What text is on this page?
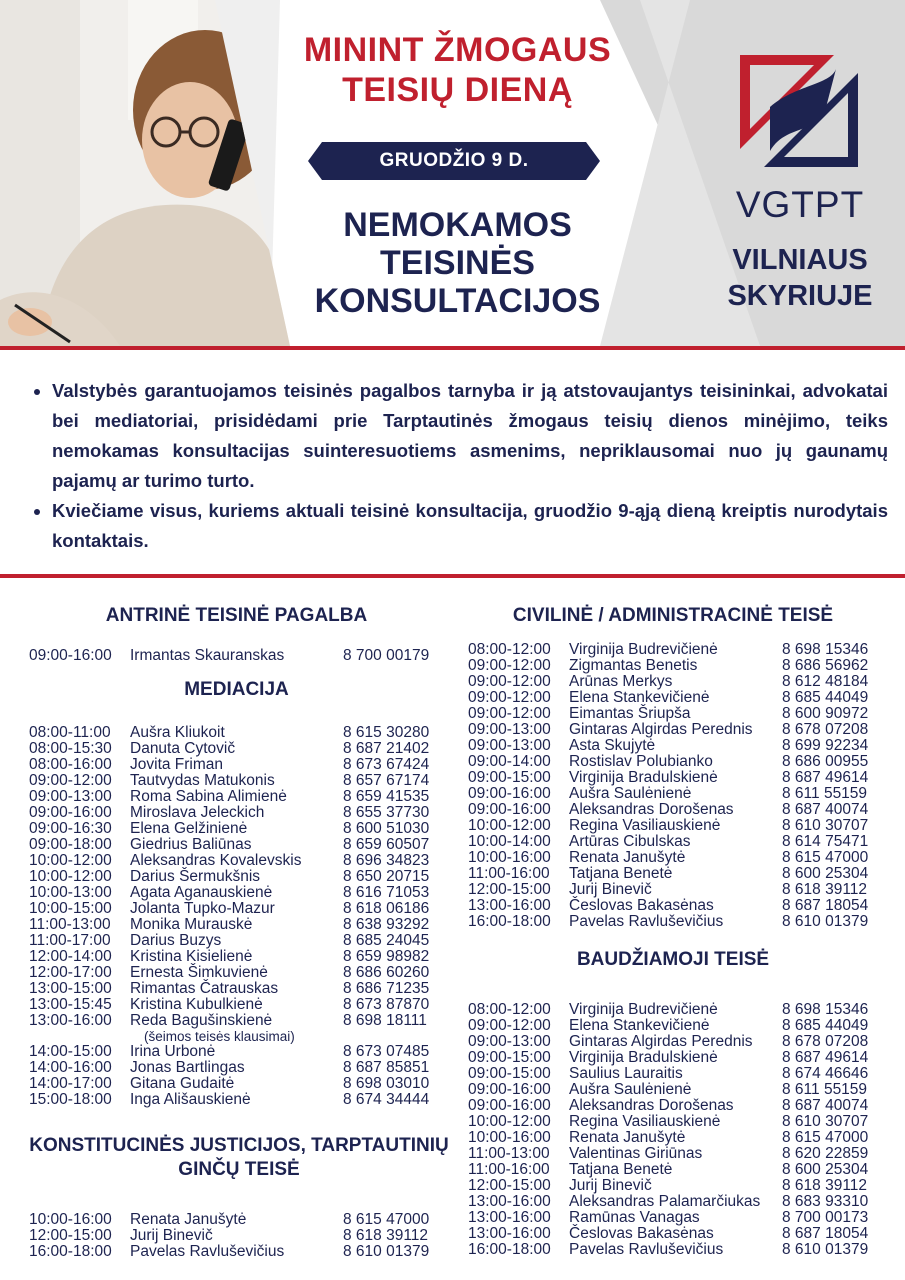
MININT ŽMOGAUS
TEISIŲ DIENĄ
GRUODŽIO 9 D.
NEMOKAMOS
TEISINĖS
KONSULTACIJOS
VGTPT
VILNIAUS
SKYRIUJE
• Valstybės garantuojamos teisinės pagalbos tarnyba ir ją atstovaujantys teisininkai, advokatai bei mediatoriai, prisidėdami prie Tarptautinės žmogaus teisių dienos minėjimo, teiks nemokamas konsultacijas suinteresuotiems asmenims, nepriklausomai nuo jų gaunamų pajamų ar turimo turto.
• Kviečiame visus, kuriems aktuali teisinė konsultacija, gruodžio 9-ąją dieną kreiptis nurodytais kontaktais.
ANTRINĖ TEISINĖ PAGALBA
09:00-16:00 Irmantas Skauranskas	8 700 00179
MEDIACIJA
08:00-11:00 Aušra Kliukoit	8 615 30280
08:00-15:30 Danuta Cytovič	8 687 21402
08:00-16:00 Jovita Friman	8 673 67424
09:00-12:00 Tautvydas Matukonis	8 657 67174
09:00-13:00 Roma Sabina Alimienė	8 659 41535
09:00-16:00 Miroslava Jeleckich	8 655 37730
09:00-16:30 Elena Gelžinienė	8 600 51030
09:00-18:00 Giedrius Baliūnas	8 659 60507
10:00-12:00 Aleksandras Kovalevskis	8 696 34823
10:00-12:00 Darius Šermukšnis	8 650 20715
10:00-13:00 Agata Aganauskienė	8 616 71053
10:00-15:00 Jolanta Tupko-Mazur	8 618 06186
11:00-13:00 Monika Murauskė	8 638 93292
11:00-17:00 Darius Buzys	8 685 24045
12:00-14:00 Kristina Kisielienė	8 659 98982
12:00-17:00 Ernesta Šimkuvienė	8 686 60260
13:00-15:00 Rimantas Čatrauskas	8 686 71235
13:00-15:45 Kristina Kubulkienė	8 673 87870
13:00-16:00 Reda Bagušinskienė	8 698 18111
(šeimos teisės klausimai)
14:00-15:00 Irina Urbonė	8 673 07485
14:00-16:00 Jonas Bartlingas	8 687 85851
14:00-17:00 Gitana Gudaitė	8 698 03010
15:00-18:00 Inga Ališauskienė	8 674 34444
KONSTITUCINĖS JUSTICIJOS, TARPTAUTINIŲ GINČŲ TEISĖ
10:00-16:00 Renata Janušytė	8 615 47000
12:00-15:00 Jurij Binevič	8 618 39112
16:00-18:00 Pavelas Ravluševičius	8 610 01379
CIVILINĖ / ADMINISTRACINĖ TEISĖ
08:00-12:00 Virginija Budrevičienė	8 698 15346
09:00-12:00 Zigmantas Benetis	8 686 56962
09:00-12:00 Arūnas Merkys	8 612 48184
09:00-12:00 Elena Stankevičienė	8 685 44049
09:00-12:00 Eimantas Šriupša	8 600 90972
09:00-13:00 Gintaras Algirdas Perednis 8 678 07208
09:00-13:00 Asta Skujytė	8 699 92234
09:00-14:00 Rostislav Polubianko	8 686 00955
09:00-15:00 Virginija Bradulskienė	8 687 49614
09:00-16:00 Aušra Saulėnienė	8 611 55159
09:00-16:00 Aleksandras Dorošenas	8 687 40074
10:00-12:00 Regina Vasiliauskienė	8 610 30707
10:00-14:00 Artūras Cibulskas	8 614 75471
10:00-16:00 Renata Janušytė	8 615 47000
11:00-16:00 Tatjana Benetė	8 600 25304
12:00-15:00 Jurij Binevič	8 618 39112
13:00-16:00 Česlovas Bakasėnas	8 687 18054
16:00-18:00 Pavelas Ravluševičius	8 610 01379
BAUDŽIAMOJI TEISĖ
08:00-12:00 Virginija Budrevičienė	8 698 15346
09:00-12:00 Elena Stankevičienė	8 685 44049
09:00-13:00 Gintaras Algirdas Perednis 8 678 07208
09:00-15:00 Virginija Bradulskienė	8 687 49614
09:00-15:00 Saulius Lauraitis	8 674 46646
09:00-16:00 Aušra Saulėnienė	8 611 55159
09:00-16:00 Aleksandras Dorošenas	8 687 40074
10:00-12:00 Regina Vasiliauskienė	8 610 30707
10:00-16:00 Renata Janušytė	8 615 47000
11:00-13:00 Valentinas Giriūnas	8 620 22859
11:00-16:00 Tatjana Benetė	8 600 25304
12:00-15:00 Jurij Binevič	8 618 39112
13:00-16:00 Aleksandras Palamarčiukas 8 683 93310
13:00-16:00 Ramūnas Vanagas	8 700 00173
13:00-16:00 Česlovas Bakasėnas	8 687 18054
16:00-18:00 Pavelas Ravluševičius	8 610 01379
